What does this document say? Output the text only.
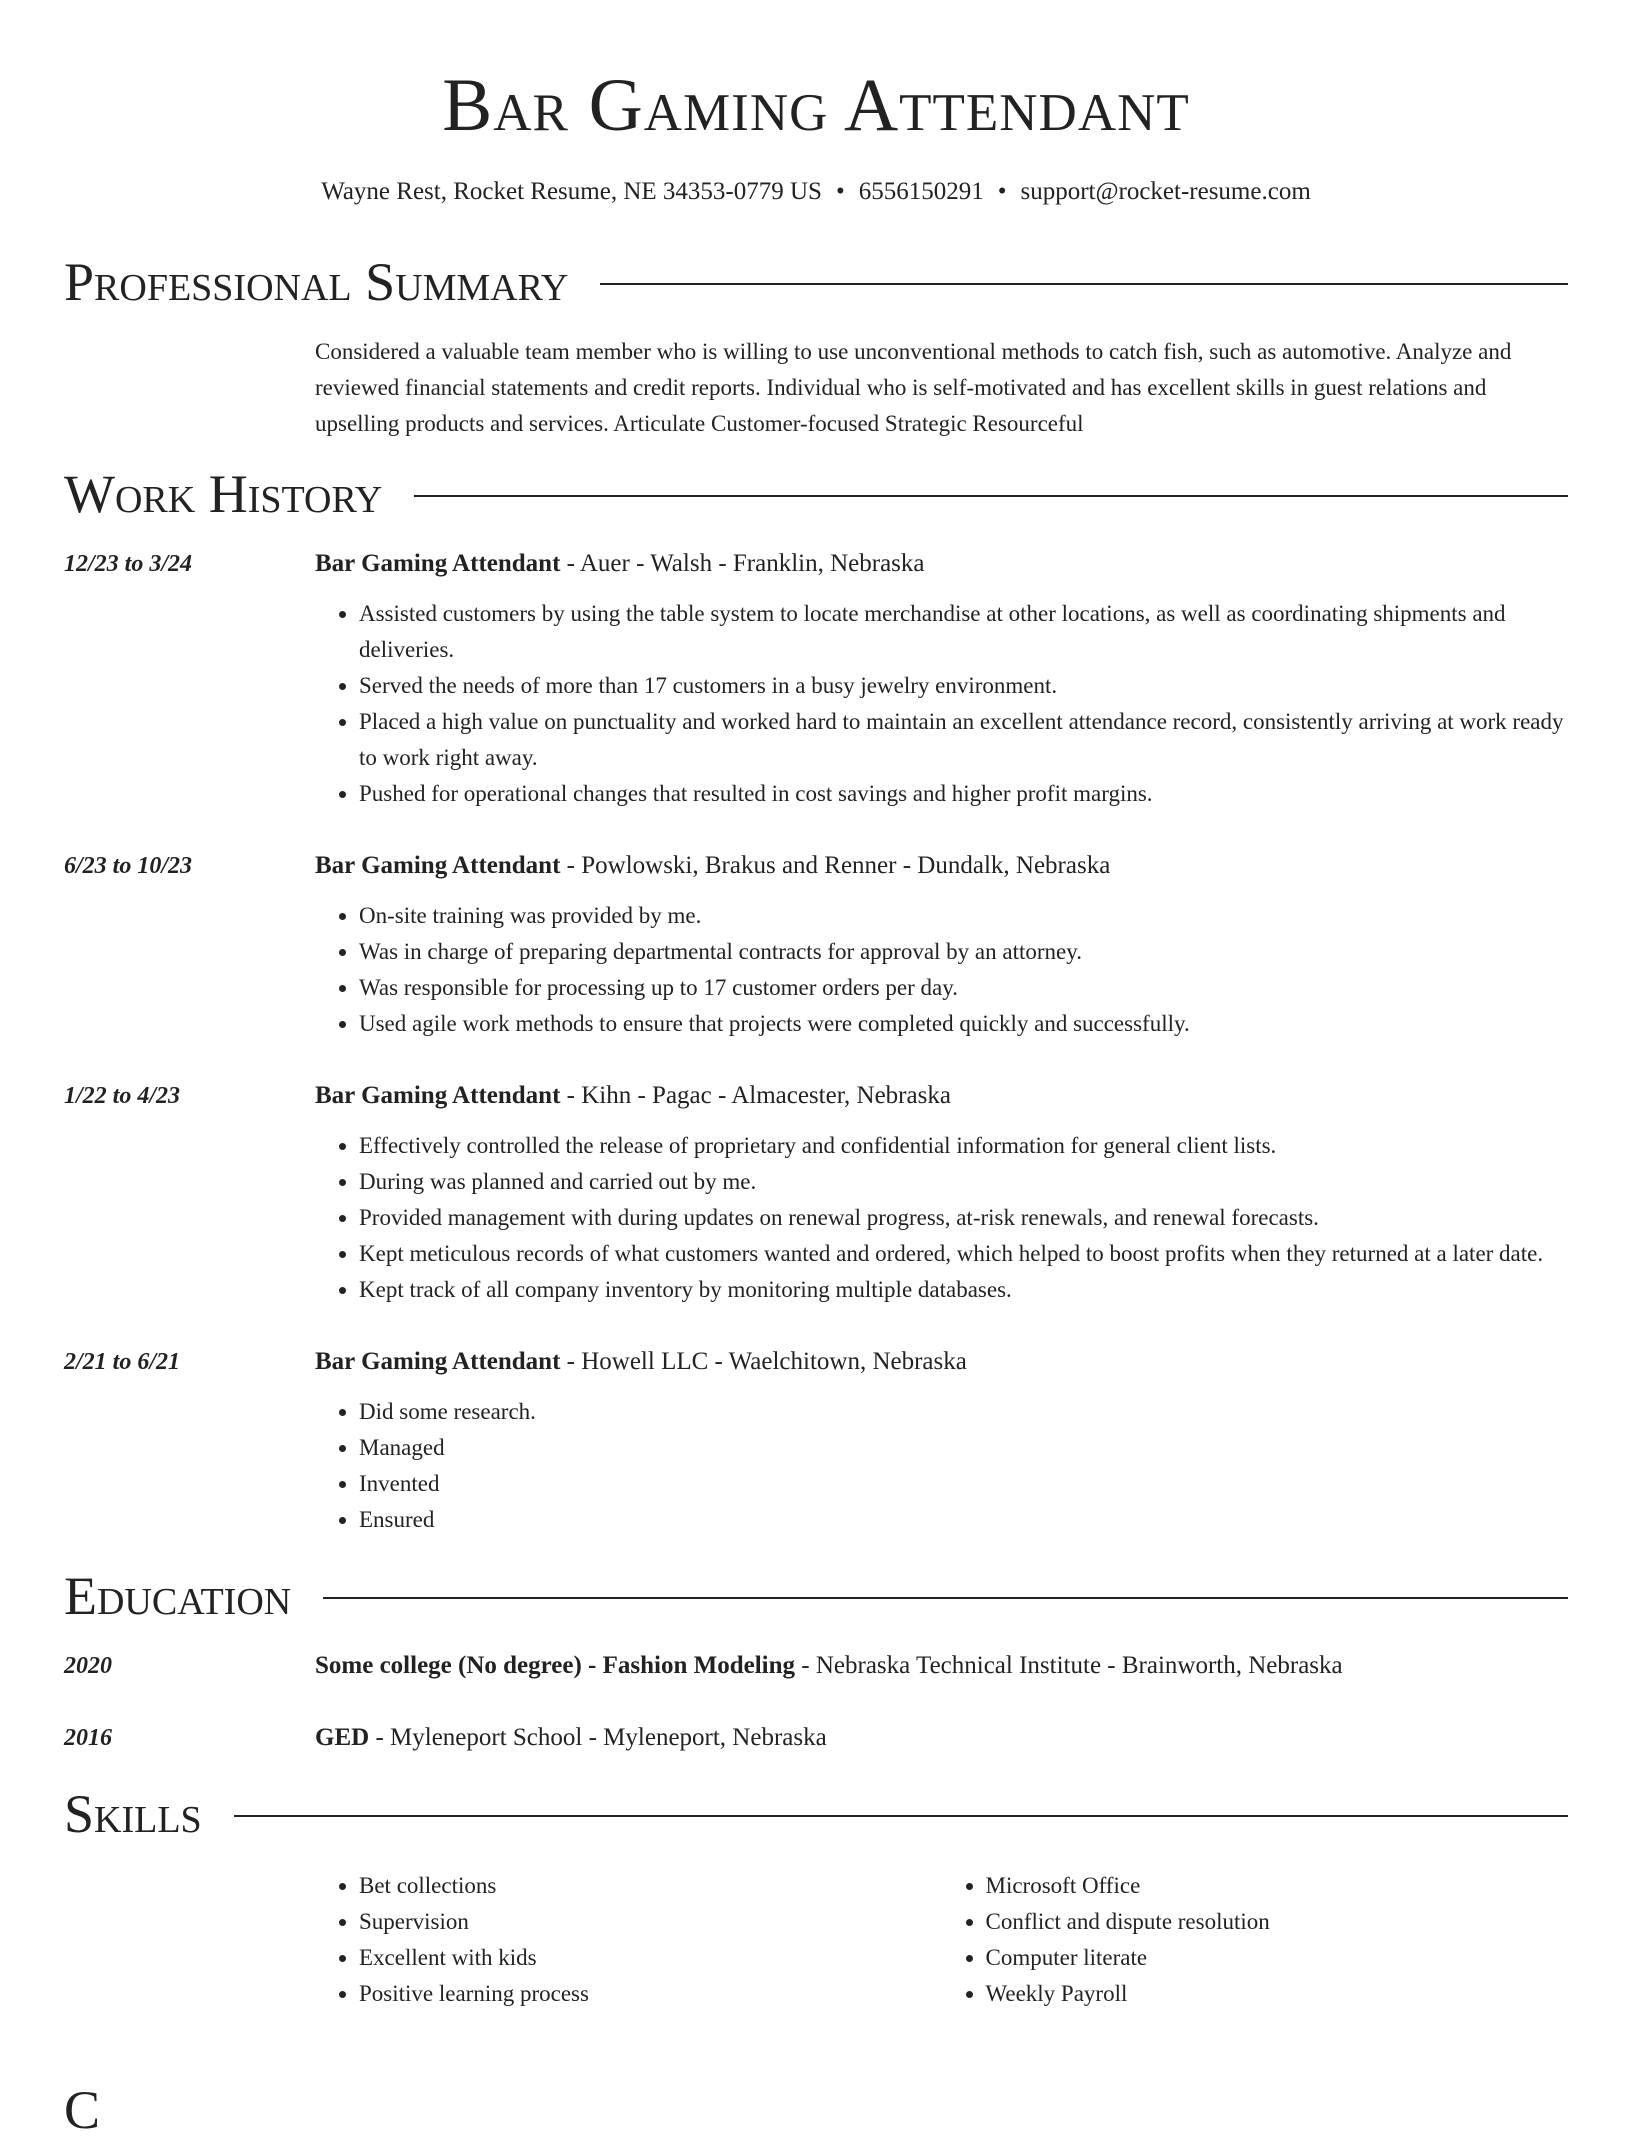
Bar Gaming Attendant
Wayne Rest, Rocket Resume, NE 34353-0779 US • 6556150291 • support@rocket-resume.com
Professional Summary
Considered a valuable team member who is willing to use unconventional methods to catch fish, such as automotive. Analyze and reviewed financial statements and credit reports. Individual who is self-motivated and has excellent skills in guest relations and upselling products and services. Articulate Customer-focused Strategic Resourceful
Work History
12/23 to 3/24	Bar Gaming Attendant - Auer - Walsh - Franklin, Nebraska
• Assisted customers by using the table system to locate merchandise at other locations, as well as coordinating shipments and deliveries.
• Served the needs of more than 17 customers in a busy jewelry environment.
• Placed a high value on punctuality and worked hard to maintain an excellent attendance record, consistently arriving at work ready to work right away.
• Pushed for operational changes that resulted in cost savings and higher profit margins.
6/23 to 10/23	Bar Gaming Attendant - Powlowski, Brakus and Renner - Dundalk, Nebraska
• On-site training was provided by me.
• Was in charge of preparing departmental contracts for approval by an attorney.
• Was responsible for processing up to 17 customer orders per day.
• Used agile work methods to ensure that projects were completed quickly and successfully.
1/22 to 4/23	Bar Gaming Attendant - Kihn - Pagac - Almacester, Nebraska
• Effectively controlled the release of proprietary and confidential information for general client lists.
• During was planned and carried out by me.
• Provided management with during updates on renewal progress, at-risk renewals, and renewal forecasts.
• Kept meticulous records of what customers wanted and ordered, which helped to boost profits when they returned at a later date.
• Kept track of all company inventory by monitoring multiple databases.
2/21 to 6/21	Bar Gaming Attendant - Howell LLC - Waelchitown, Nebraska
• Did some research.
• Managed
• Invented
• Ensured
Education
2020	Some college (No degree) - Fashion Modeling - Nebraska Technical Institute - Brainworth, Nebraska
2016	GED - Myleneport School - Myleneport, Nebraska
Skills
• Bet collections
• Supervision
• Excellent with kids
• Positive learning process
• Microsoft Office
• Conflict and dispute resolution
• Computer literate
• Weekly Payroll
C
